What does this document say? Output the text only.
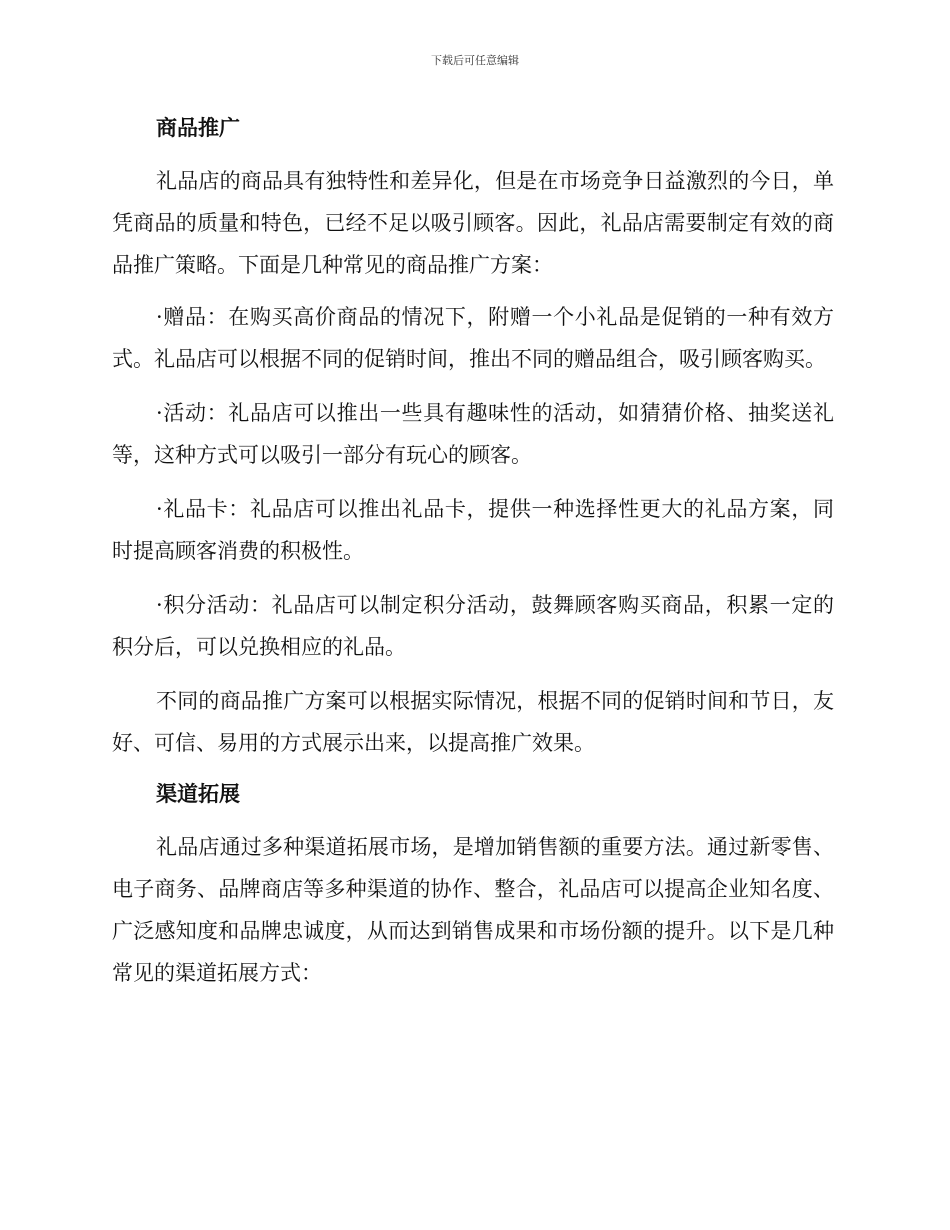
下载后可任意编辑
商品推广

礼品店的商品具有独特性和差异化，但是在市场竞争日益激烈的今日，单凭商品的质量和特色，已经不足以吸引顾客。因此，礼品店需要制定有效的商品推广策略。下面是几种常见的商品推广方案：

·赠品：在购买高价商品的情况下，附赠一个小礼品是促销的一种有效方式。礼品店可以根据不同的促销时间，推出不同的赠品组合，吸引顾客购买。

·活动：礼品店可以推出一些具有趣味性的活动，如猜猜价格、抽奖送礼等，这种方式可以吸引一部分有玩心的顾客。

·礼品卡：礼品店可以推出礼品卡，提供一种选择性更大的礼品方案，同时提高顾客消费的积极性。

·积分活动：礼品店可以制定积分活动，鼓舞顾客购买商品，积累一定的积分后，可以兑换相应的礼品。

不同的商品推广方案可以根据实际情况，根据不同的促销时间和节日，友好、可信、易用的方式展示出来，以提高推广效果。

渠道拓展

礼品店通过多种渠道拓展市场，是增加销售额的重要方法。通过新零售、电子商务、品牌商店等多种渠道的协作、整合，礼品店可以提高企业知名度、广泛感知度和品牌忠诚度，从而达到销售成果和市场份额的提升。以下是几种常见的渠道拓展方式：
